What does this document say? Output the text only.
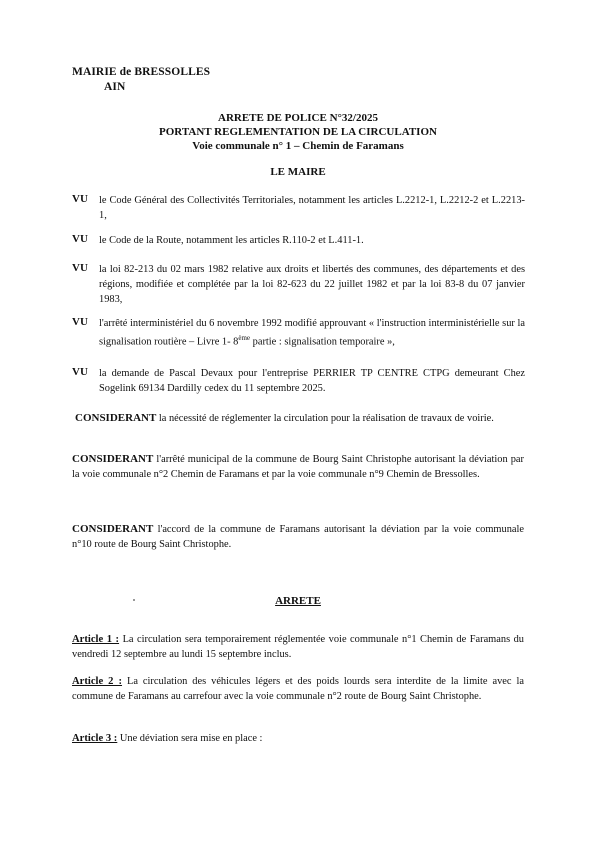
MAIRIE de BRESSOLLES
AIN
ARRETE DE POLICE N°32/2025
PORTANT REGLEMENTATION DE LA CIRCULATION
Voie communale n° 1 – Chemin de Faramans
LE MAIRE
VU le Code Général des Collectivités Territoriales, notamment les articles L.2212-1, L.2212-2 et L.2213-1,
VU le Code de la Route, notamment les articles R.110-2 et L.411-1.
VU la loi 82-213 du 02 mars 1982 relative aux droits et libertés des communes, des départements et des régions, modifiée et complétée par la loi 82-623 du 22 juillet 1982 et par la loi 83-8 du 07 janvier 1983,
VU l'arrêté interministériel du 6 novembre 1992 modifié approuvant « l'instruction interministérielle sur la signalisation routière – Livre 1- 8ème partie : signalisation temporaire »,
VU la demande de Pascal Devaux pour l'entreprise PERRIER TP CENTRE CTPG demeurant Chez Sogelink 69134 Dardilly cedex du 11 septembre 2025.
CONSIDERANT la nécessité de réglementer la circulation pour la réalisation de travaux de voirie.
CONSIDERANT l'arrêté municipal de la commune de Bourg Saint Christophe autorisant la déviation par la voie communale n°2 Chemin de Faramans et par la voie communale n°9 Chemin de Bressolles.
CONSIDERANT l'accord de la commune de Faramans autorisant la déviation par la voie communale n°10 route de Bourg Saint Christophe.
ARRETE
Article 1 : La circulation sera temporairement réglementée voie communale n°1 Chemin de Faramans du vendredi 12 septembre au lundi 15 septembre inclus.
Article 2 : La circulation des véhicules légers et des poids lourds sera interdite de la limite avec la commune de Faramans au carrefour avec la voie communale n°2 route de Bourg Saint Christophe.
Article 3 : Une déviation sera mise en place :
